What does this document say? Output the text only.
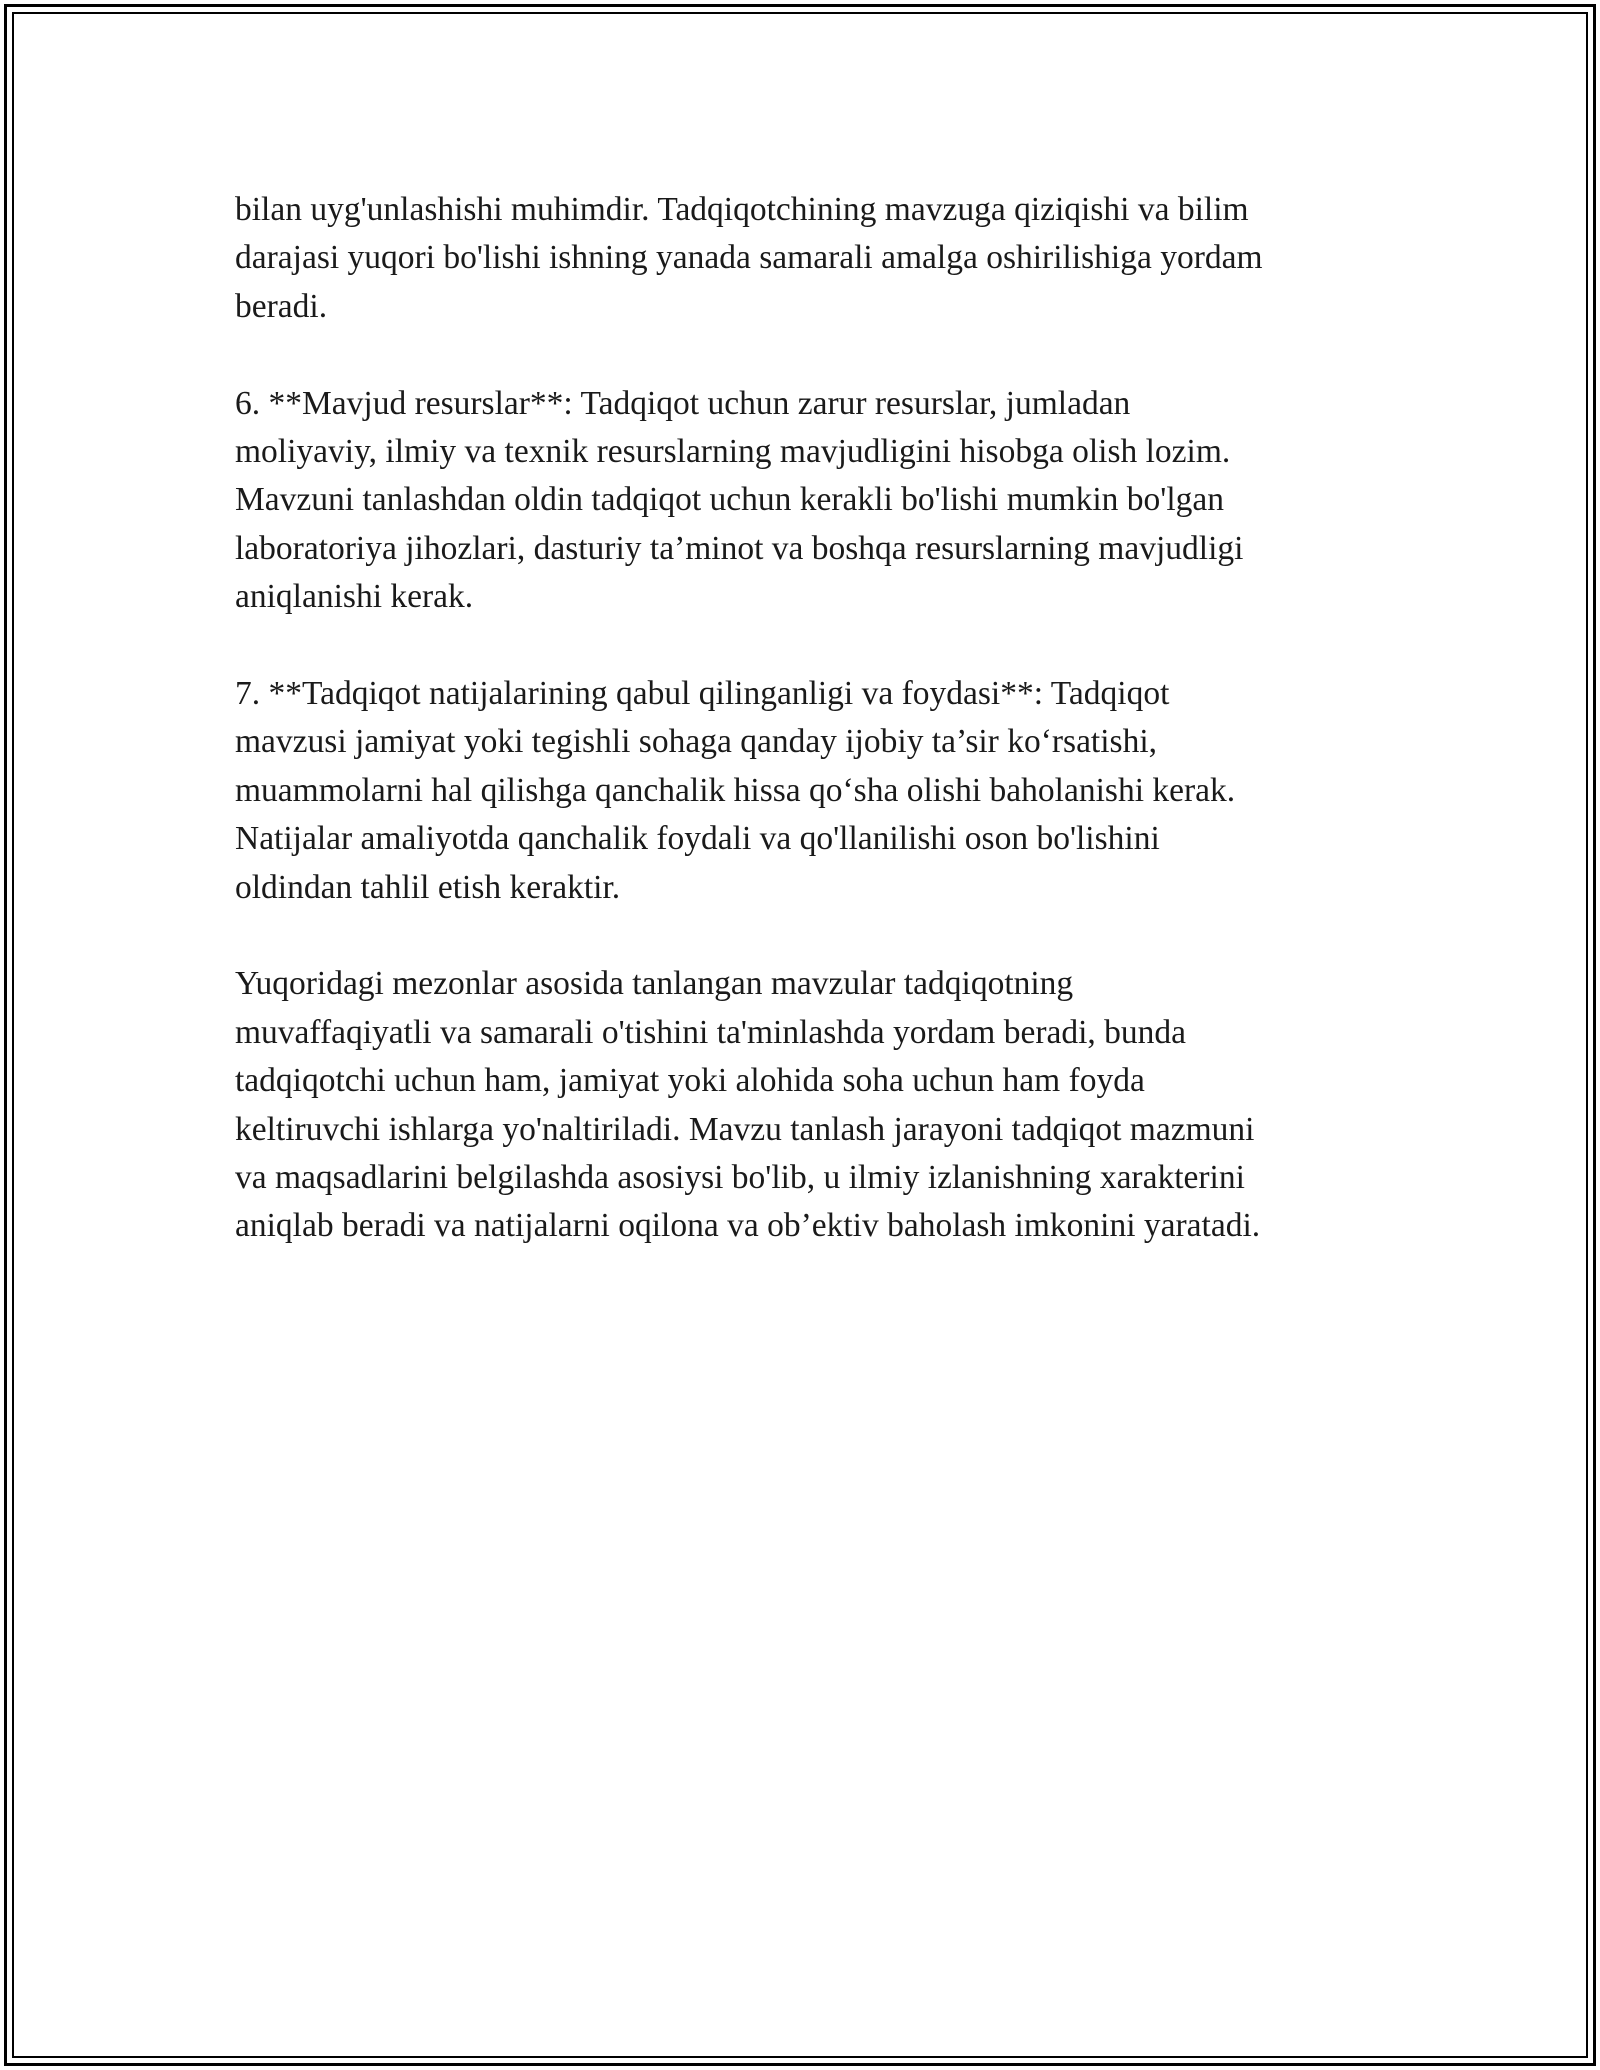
bilan uyg'unlashishi muhimdir. Tadqiqotchining mavzuga qiziqishi va bilim
darajasi yuqori bo'lishi ishning yanada samarali amalga oshirilishiga yordam
beradi.

6. **Mavjud resurslar**: Tadqiqot uchun zarur resurslar, jumladan
moliyaviy, ilmiy va texnik resurslarning mavjudligini hisobga olish lozim.
Mavzuni tanlashdan oldin tadqiqot uchun kerakli bo'lishi mumkin bo'lgan
laboratoriya jihozlari, dasturiy ta’minot va boshqa resurslarning mavjudligi
aniqlanishi kerak.

7. **Tadqiqot natijalarining qabul qilinganligi va foydasi**: Tadqiqot
mavzusi jamiyat yoki tegishli sohaga qanday ijobiy ta’sir ko‘rsatishi,
muammolarni hal qilishga qanchalik hissa qo‘sha olishi baholanishi kerak.
Natijalar amaliyotda qanchalik foydali va qo'llanilishi oson bo'lishini
oldindan tahlil etish keraktir.

Yuqoridagi mezonlar asosida tanlangan mavzular tadqiqotning
muvaffaqiyatli va samarali o'tishini ta'minlashda yordam beradi, bunda
tadqiqotchi uchun ham, jamiyat yoki alohida soha uchun ham foyda
keltiruvchi ishlarga yo'naltiriladi. Mavzu tanlash jarayoni tadqiqot mazmuni
va maqsadlarini belgilashda asosiysi bo'lib, u ilmiy izlanishning xarakterini
aniqlab beradi va natijalarni oqilona va ob’ektiv baholash imkonini yaratadi.
